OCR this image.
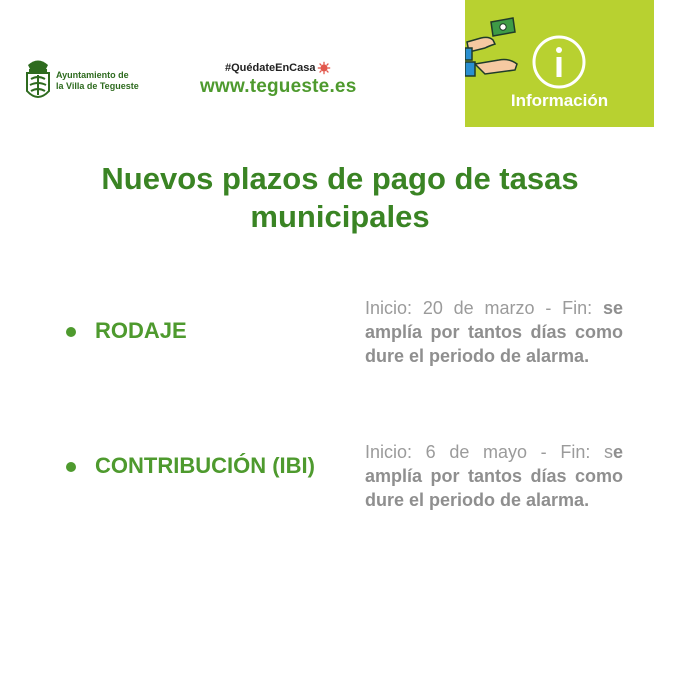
Ayuntamiento de
la Villa de Tegueste
#QuédateEnCasa
www.tegueste.es
Información
Nuevos plazos de pago de tasas
municipales
RODAJE
Inicio: 20 de marzo - Fin: se amplía por tantos días como dure el periodo de alarma.
CONTRIBUCIÓN (IBI)
Inicio: 6 de mayo - Fin: se amplía por tantos días como dure el periodo de alarma.
